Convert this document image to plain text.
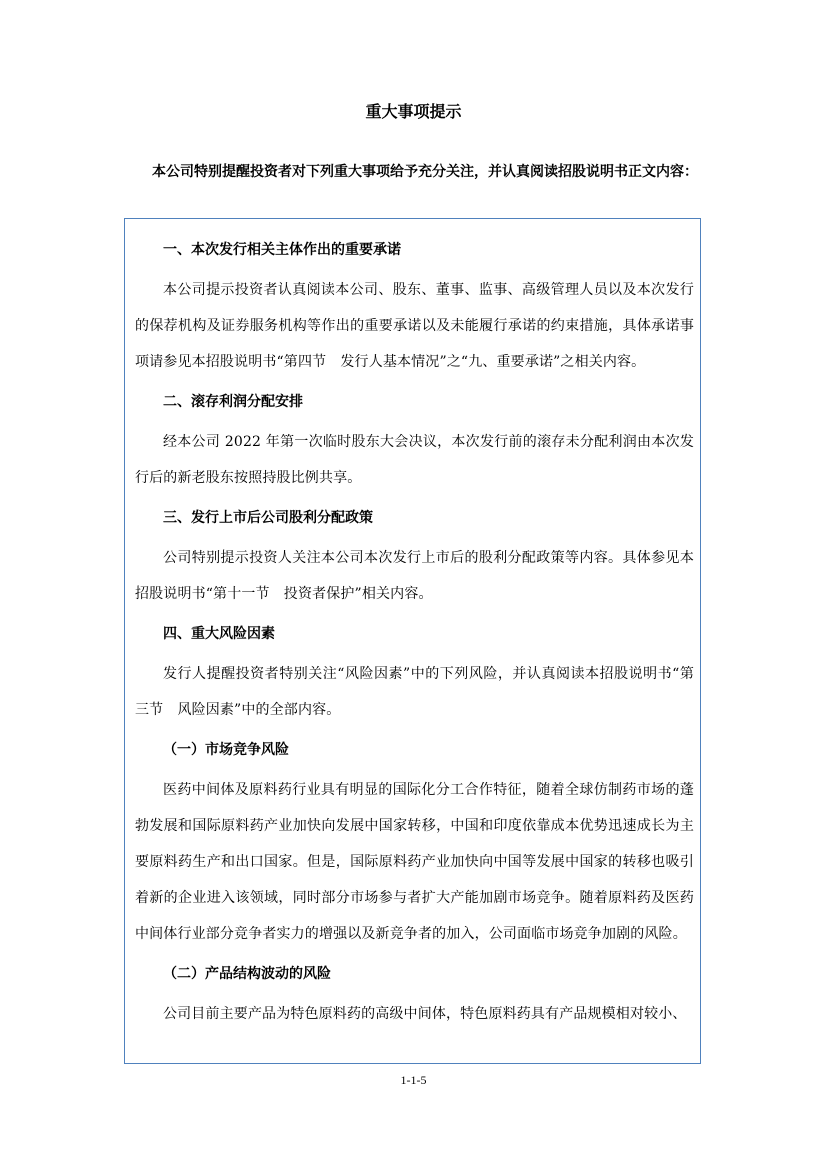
重大事项提示

本公司特别提醒投资者对下列重大事项给予充分关注，并认真阅读招股说明书正文内容：

一、本次发行相关主体作出的重要承诺

本公司提示投资者认真阅读本公司、股东、董事、监事、高级管理人员以及本次发行的保荐机构及证券服务机构等作出的重要承诺以及未能履行承诺的约束措施，具体承诺事项请参见本招股说明书“第四节　发行人基本情况”之“九、重要承诺”之相关内容。

二、滚存利润分配安排

经本公司 2022 年第一次临时股东大会决议，本次发行前的滚存未分配利润由本次发行后的新老股东按照持股比例共享。

三、发行上市后公司股利分配政策

公司特别提示投资人关注本公司本次发行上市后的股利分配政策等内容。具体参见本招股说明书“第十一节　投资者保护”相关内容。

四、重大风险因素

发行人提醒投资者特别关注“风险因素”中的下列风险，并认真阅读本招股说明书“第三节　风险因素”中的全部内容。

（一）市场竞争风险

医药中间体及原料药行业具有明显的国际化分工合作特征，随着全球仿制药市场的蓬勃发展和国际原料药产业加快向发展中国家转移，中国和印度依靠成本优势迅速成长为主要原料药生产和出口国家。但是，国际原料药产业加快向中国等发展中国家的转移也吸引着新的企业进入该领域，同时部分市场参与者扩大产能加剧市场竞争。随着原料药及医药中间体行业部分竞争者实力的增强以及新竞争者的加入，公司面临市场竞争加剧的风险。

（二）产品结构波动的风险

公司目前主要产品为特色原料药的高级中间体，特色原料药具有产品规模相对较小、

1-1-5
